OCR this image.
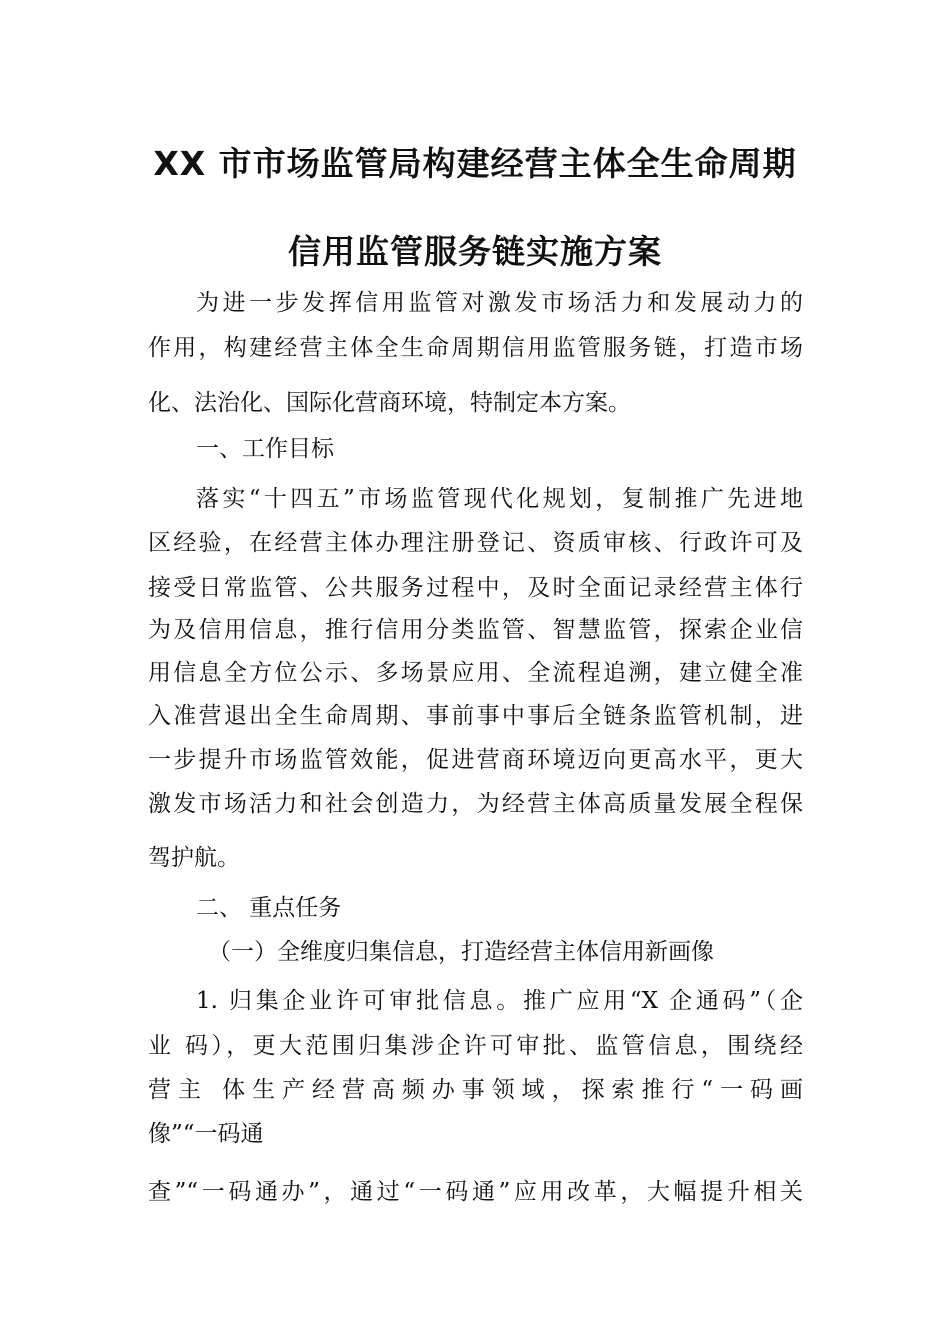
XX 市市场监管局构建经营主体全生命周期
信用监管服务链实施方案
为进一步发挥信用监管对激发市场活力和发展动力的
作用，构建经营主体全生命周期信用监管服务链，打造市场
化、法治化、国际化营商环境，特制定本方案。
一、工作目标
落实“十四五”市场监管现代化规划，复制推广先进地
区经验，在经营主体办理注册登记、资质审核、行政许可及
接受日常监管、公共服务过程中，及时全面记录经营主体行
为及信用信息，推行信用分类监管、智慧监管，探索企业信
用信息全方位公示、多场景应用、全流程追溯，建立健全准
入准营退出全生命周期、事前事中事后全链条监管机制，进
一步提升市场监管效能，促进营商环境迈向更高水平，更大
激发市场活力和社会创造力，为经营主体高质量发展全程保
驾护航。
二、 重点任务
（一）全维度归集信息，打造经营主体信用新画像
1. 归集企业许可审批信息。推广应用“X 企通码”（企
业 码），更大范围归集涉企许可审批、监管信息，围绕经
营主 体生产经营高频办事领域，探索推行“一码画
像”“一码通
查”“一码通办”，通过“一码通”应用改革，大幅提升相关
